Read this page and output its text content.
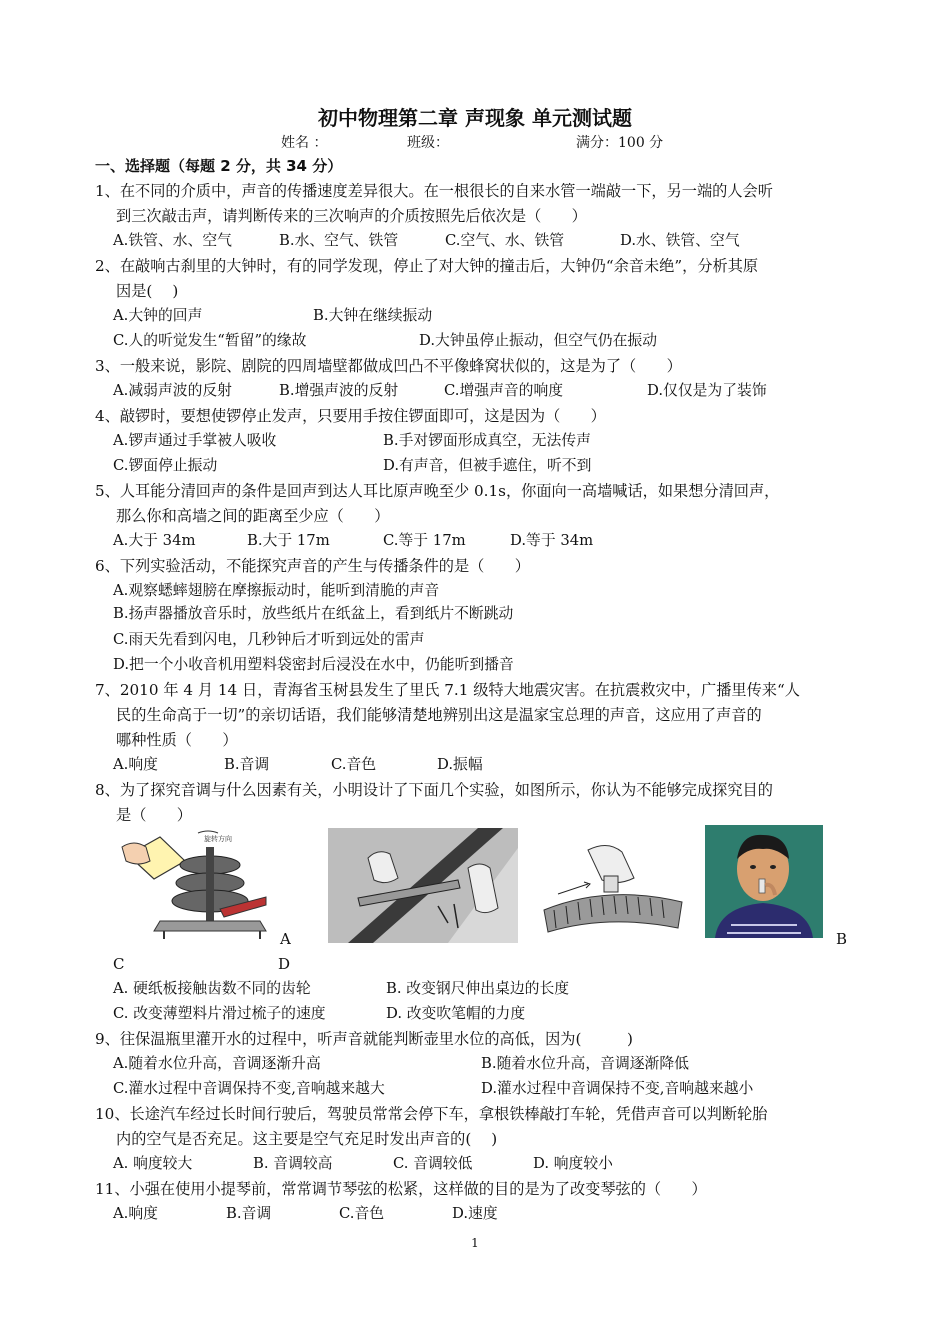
初中物理第二章 声现象 单元测试题
姓名 ：	班级：	满分：100 分
一、选择题（每题 2 分，共 34 分）
1、在不同的介质中，声音的传播速度差异很大。在一根很长的自来水管一端敲一下，另一端的人会听
到三次敲击声，请判断传来的三次响声的介质按照先后依次是（　　）
A.铁管、水、空气	B.水、空气、铁管	C.空气、水、铁管	D.水、铁管、空气
2、在敲响古刹里的大钟时，有的同学发现，停止了对大钟的撞击后，大钟仍“余音未绝”，分析其原
因是(　 )
A.大钟的回声	B.大钟在继续振动
C.人的听觉发生“暂留”的缘故	D.大钟虽停止振动，但空气仍在振动
3、一般来说，影院、剧院的四周墙壁都做成凹凸不平像蜂窝状似的，这是为了（　　）
A.减弱声波的反射	B.增强声波的反射	C.增强声音的响度	D.仅仅是为了装饰
4、敲锣时，要想使锣停止发声，只要用手按住锣面即可，这是因为（　　）
A.锣声通过手掌被人吸收	B.手对锣面形成真空，无法传声
C.锣面停止振动	D.有声音，但被手遮住，听不到
5、人耳能分清回声的条件是回声到达人耳比原声晚至少 0.1s，你面向一高墙喊话，如果想分清回声，
那么你和高墙之间的距离至少应（　　）
A.大于 34m	B.大于 17m	C.等于 17m	D.等于 34m
6、下列实验活动，不能探究声音的产生与传播条件的是（　　）
A.观察蟋蟀翅膀在摩擦振动时，能听到清脆的声音
B.扬声器播放音乐时，放些纸片在纸盆上，看到纸片不断跳动
C.雨天先看到闪电，几秒钟后才听到远处的雷声
D.把一个小收音机用塑料袋密封后浸没在水中，仍能听到播音
7、2010 年 4 月 14 日，青海省玉树县发生了里氏 7.1 级特大地震灾害。在抗震救灾中，广播里传来“人
民的生命高于一切”的亲切话语，我们能够清楚地辨别出这是温家宝总理的声音，这应用了声音的
哪种性质（　　）
A.响度	B.音调	C.音色	D.振幅
8、为了探究音调与什么因素有关，小明设计了下面几个实验，如图所示，你认为不能够完成探究目的
是（　　）
旋转方向
A	B
C	D
A. 硬纸板接触齿数不同的齿轮	B. 改变钢尺伸出桌边的长度
C. 改变薄塑料片滑过梳子的速度	D. 改变吹笔帽的力度
9、往保温瓶里灌开水的过程中，听声音就能判断壶里水位的高低，因为(　　　)
A.随着水位升高，音调逐渐升高	B.随着水位升高，音调逐渐降低
C.灌水过程中音调保持不变,音响越来越大	D.灌水过程中音调保持不变,音响越来越小
10、长途汽车经过长时间行驶后，驾驶员常常会停下车，拿根铁棒敲打车轮，凭借声音可以判断轮胎
内的空气是否充足。这主要是空气充足时发出声音的(　 )
A. 响度较大	B. 音调较高	C. 音调较低	D. 响度较小
11、小强在使用小提琴前，常常调节琴弦的松紧，这样做的目的是为了改变琴弦的（　　）
A.响度	B.音调	C.音色	D.速度
1
